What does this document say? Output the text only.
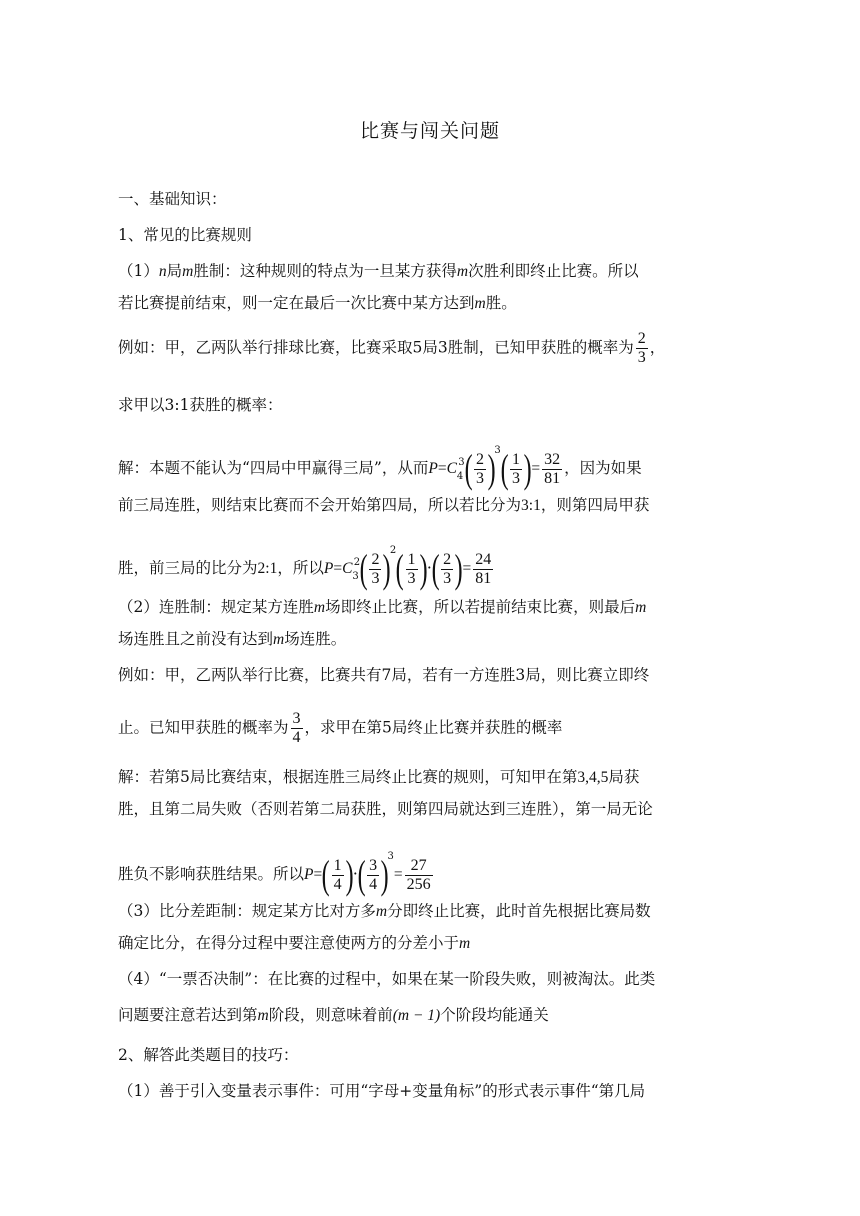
比赛与闯关问题
一、基础知识：
1、常见的比赛规则
（1）n局m胜制：这种规则的特点为一旦某方获得m次胜利即终止比赛。所以
若比赛提前结束，则一定在最后一次比赛中某方达到m胜。
例如：甲，乙两队举行排球比赛，比赛采取5局3胜制，已知甲获胜的概率为 $\frac{2}{3}$ ，
求甲以3:1获胜的概率：
解：本题不能认为“四局中甲赢得三局”，从而$P=C_4^3( \frac{2}{3} )^3( \frac{1}{3}$ )= $\frac{32}{81}$ ，因为如果
前三局连胜，则结束比赛而不会开始第四局，所以若比分为3:1，则第四局甲获
胜，前三局的比分为2:1，所以$P=C_3^2( \frac{2}{3} )^2( \frac{1}{3}$ )·( $\frac{2}{3}$ )= $\frac{24}{81}$
（2）连胜制：规定某方连胜m场即终止比赛，所以若提前结束比赛，则最后m
场连胜且之前没有达到m场连胜。
例如：甲，乙两队举行比赛，比赛共有7局，若有一方连胜3局，则比赛立即终
止。已知甲获胜的概率为 $\frac{3}{4}$ ，求甲在第5局终止比赛并获胜的概率
解：若第5局比赛结束，根据连胜三局终止比赛的规则，可知甲在第3,4,5局获
胜，且第二局失败（否则若第二局获胜，则第四局就达到三连胜），第一局无论
胜负不影响获胜结果。所以$P=( \frac{1}{4}$ )·( $\frac{3}{4} )^3= \frac{27}{256}$
（3）比分差距制：规定某方比对方多m分即终止比赛，此时首先根据比赛局数
确定比分，在得分过程中要注意使两方的分差小于m
（4）“一票否决制”：在比赛的过程中，如果在某一阶段失败，则被淘汰。此类
问题要注意若达到第m阶段，则意味着前(m − 1)个阶段均能通关
2、解答此类题目的技巧：
（1）善于引入变量表示事件：可用“字母+变量角标”的形式表示事件“第几局
